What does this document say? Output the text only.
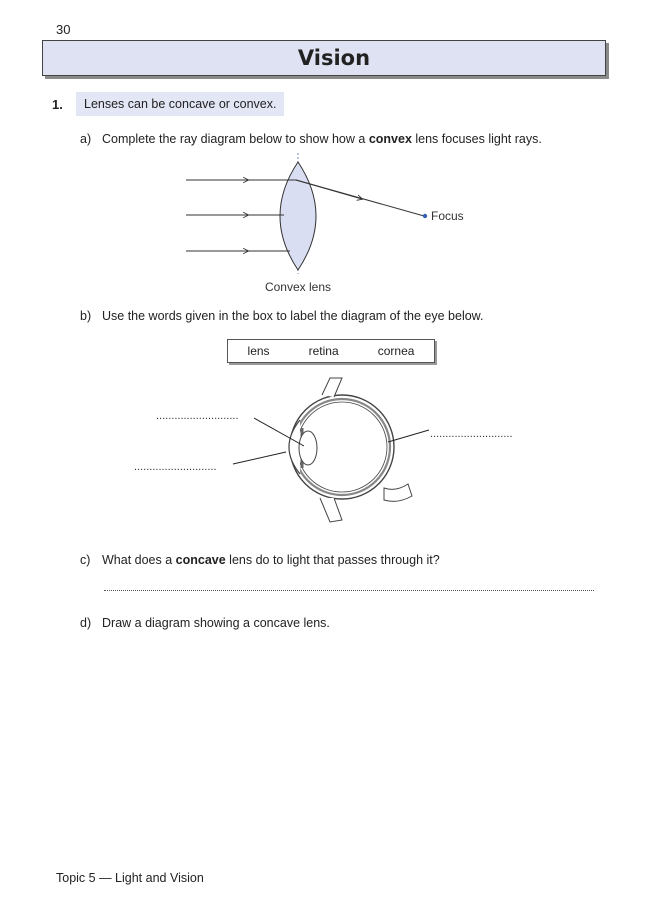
30
Vision
1.	Lenses can be concave or convex.
a) Complete the ray diagram below to show how a convex lens focuses light rays.
Focus
Convex lens
b) Use the words given in the box to label the diagram of the eye below.
lens	retina	cornea
...........................
...........................
...........................
c) What does a concave lens do to light that passes through it?
d) Draw a diagram showing a concave lens.
Topic 5 — Light and Vision
